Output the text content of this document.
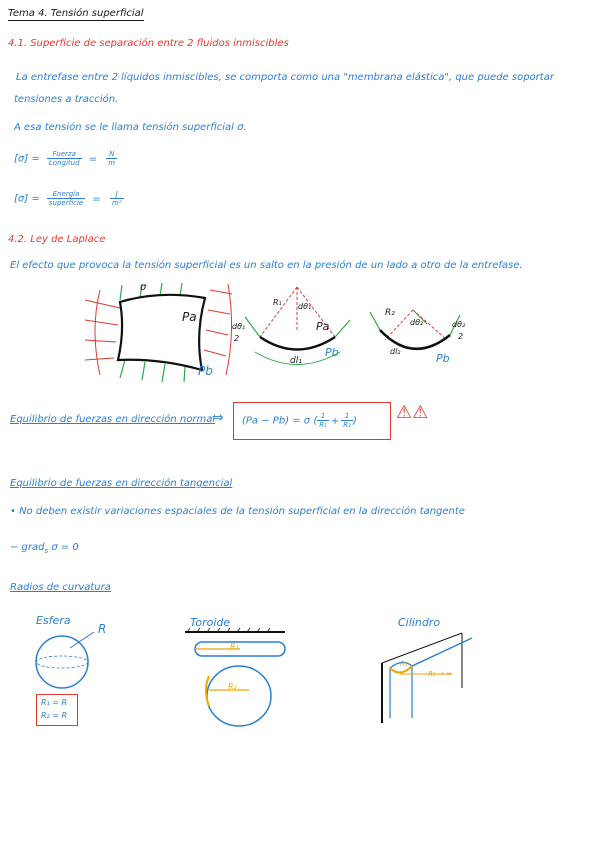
Tema 4. Tensión superficial
4.1. Superficie de separación entre 2 fluidos inmiscibles
La entrefase entre 2 líquidos inmiscibles, se comporta como una "membrana elástica", que puede soportar
tensiones a tracción.
A esa tensión se le llama tensión superficial σ.
$[\sigma] = \frac{\text{Fuerza}}{\text{Longitud}} = \frac{N}{m}$
$[\sigma] = \frac{\text{Energía}}{\text{superficie}} = \frac{J}{\text{m²}}$
4.2. Ley de Laplace
El efecto que provoca la tensión superficial es un salto en la presión de un lado a otro de la entrefase.
σ
Pa
Pb
R₁ dθ₁
dθ₁
2
Pa
Pb
dl₁
R₂
dθ₂	dθ₂
2
dl₂
Pb
Equilibrio de fuerzas en dirección normal
⇒ (Pa − Pb) = σ ( $\frac{1}{\text{R₁}} + \frac{1}{\text{R₂}}$ ) ⚠⚠
Equilibrio de fuerzas en dirección tangencial
• No deben existir variaciones espaciales de la tensión superficial en la dirección tangente
− grad$_s$ σ = 0
Radios de curvatura
Esfera
R
R₁ = R
R₂ = R
Toroide
R₁
R₂
Cilindro
R₁
R₂ → ∞
